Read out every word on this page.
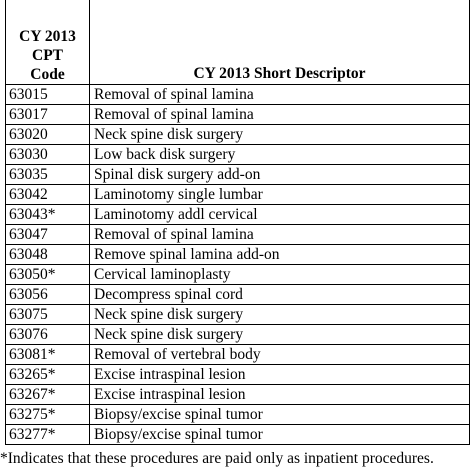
CY 2013
CPT
Code	CY 2013 Short Descriptor
63015	Removal of spinal lamina
63017	Removal of spinal lamina
63020	Neck spine disk surgery
63030	Low back disk surgery
63035	Spinal disk surgery add-on
63042	Laminotomy single lumbar
63043*	Laminotomy addl cervical
63047	Removal of spinal lamina
63048	Remove spinal lamina add-on
63050*	Cervical laminoplasty
63056	Decompress spinal cord
63075	Neck spine disk surgery
63076	Neck spine disk surgery
63081*	Removal of vertebral body
63265*	Excise intraspinal lesion
63267*	Excise intraspinal lesion
63275*	Biopsy/excise spinal tumor
63277*	Biopsy/excise spinal tumor
*Indicates that these procedures are paid only as inpatient procedures.
